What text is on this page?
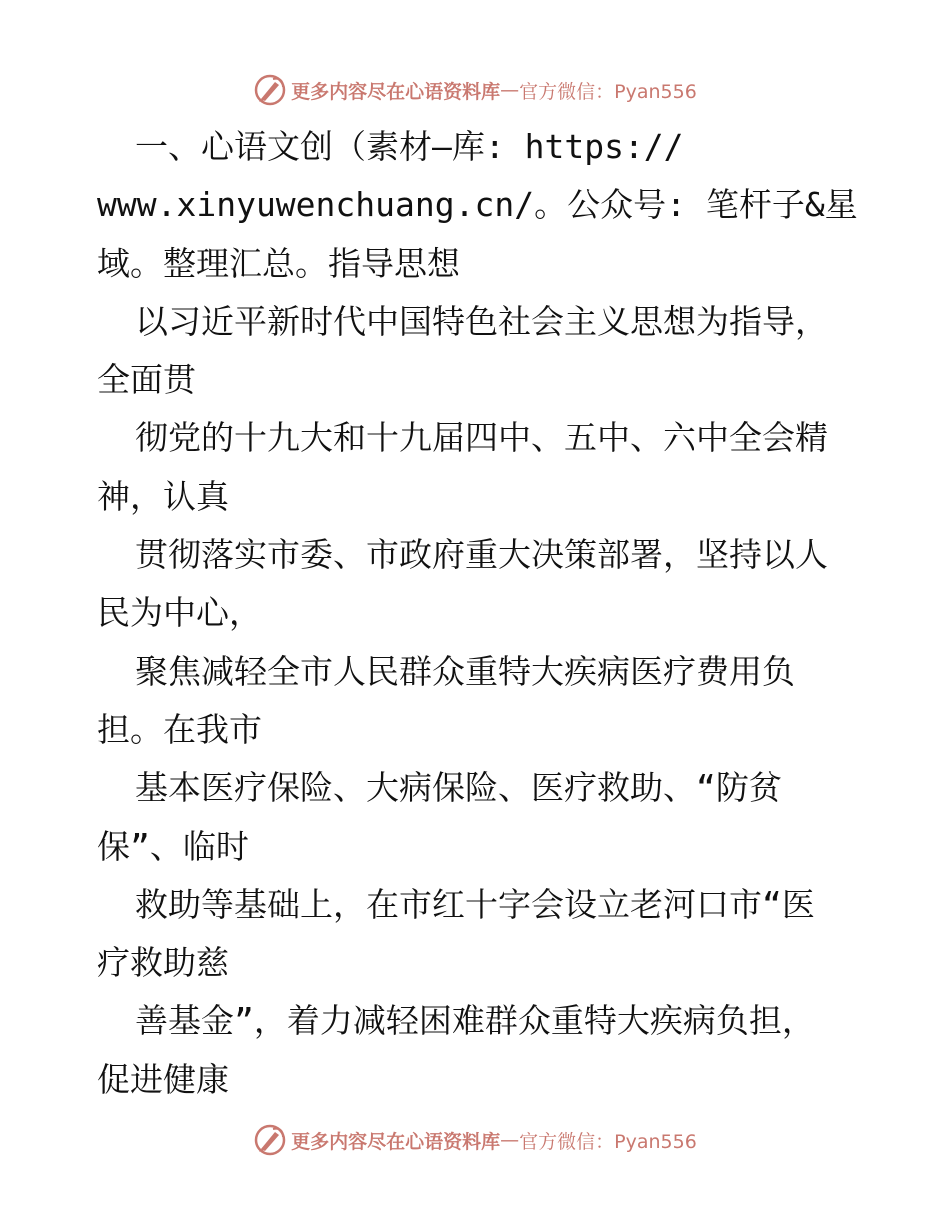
更多内容尽在心语资料库 — 官方微信：Pyan556
一、心语文创（素材—库: https://
www.xinyuwenchuang.cn/。公众号: 笔杆子&星
域。整理汇总。指导思想
以习近平新时代中国特色社会主义思想为指导，
全面贯
彻党的十九大和十九届四中、五中、六中全会精
神，认真
贯彻落实市委、市政府重大决策部署，坚持以人
民为中心，
聚焦减轻全市人民群众重特大疾病医疗费用负
担。在我市
基本医疗保险、大病保险、医疗救助、“防贫
保”、临时
救助等基础上，在市红十字会设立老河口市“医
疗救助慈
善基金”，着力减轻困难群众重特大疾病负担，
促进健康
更多内容尽在心语资料库 — 官方微信：Pyan556
